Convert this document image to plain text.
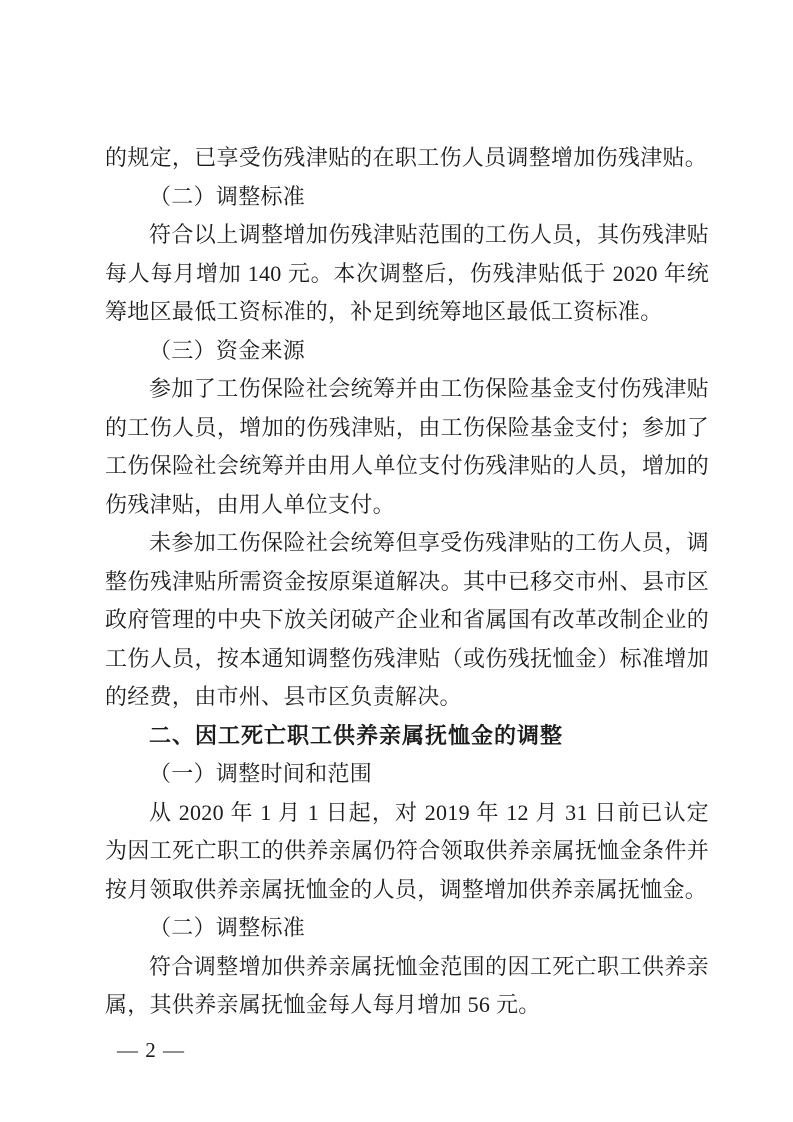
的规定，已享受伤残津贴的在职工伤人员调整增加伤残津贴。

（二）调整标准

符合以上调整增加伤残津贴范围的工伤人员，其伤残津贴每人每月增加 140 元。本次调整后，伤残津贴低于 2020 年统筹地区最低工资标准的，补足到统筹地区最低工资标准。

（三）资金来源

参加了工伤保险社会统筹并由工伤保险基金支付伤残津贴的工伤人员，增加的伤残津贴，由工伤保险基金支付；参加了工伤保险社会统筹并由用人单位支付伤残津贴的人员，增加的伤残津贴，由用人单位支付。

未参加工伤保险社会统筹但享受伤残津贴的工伤人员，调整伤残津贴所需资金按原渠道解决。其中已移交市州、县市区政府管理的中央下放关闭破产企业和省属国有改革改制企业的工伤人员，按本通知调整伤残津贴（或伤残抚恤金）标准增加的经费，由市州、县市区负责解决。

二、因工死亡职工供养亲属抚恤金的调整

（一）调整时间和范围

从 2020 年 1 月 1 日起，对 2019 年 12 月 31 日前已认定为因工死亡职工的供养亲属仍符合领取供养亲属抚恤金条件并按月领取供养亲属抚恤金的人员，调整增加供养亲属抚恤金。

（二）调整标准

符合调整增加供养亲属抚恤金范围的因工死亡职工供养亲属，其供养亲属抚恤金每人每月增加 56 元。

— 2 —
